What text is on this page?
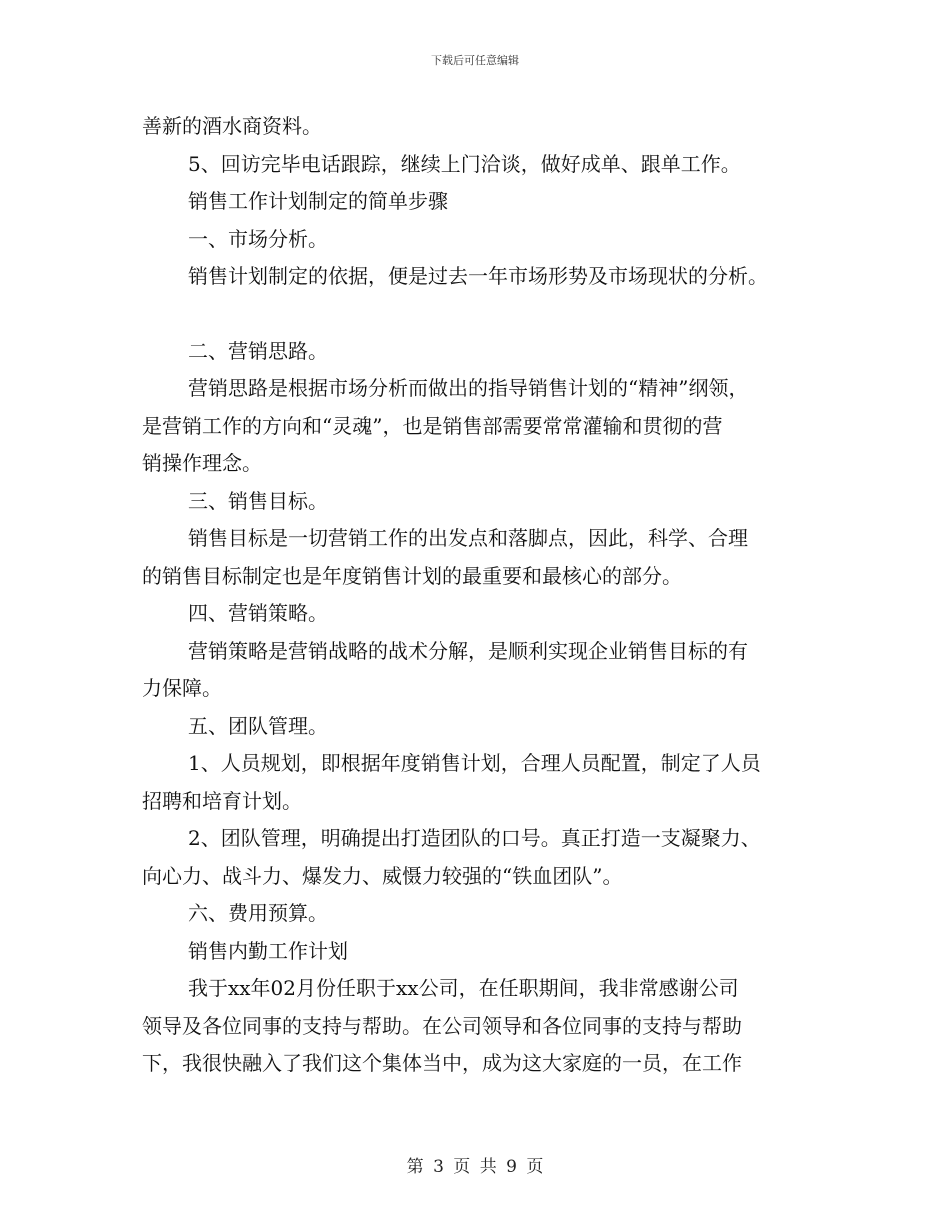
下载后可任意编辑

善新的酒水商资料。

5、回访完毕电话跟踪，继续上门洽谈，做好成单、跟单工作。

销售工作计划制定的简单步骤

一、市场分析。

销售计划制定的依据，便是过去一年市场形势及市场现状的分析。

二、营销思路。

营销思路是根据市场分析而做出的指导销售计划的“精神”纲领，

是营销工作的方向和“灵魂”，也是销售部需要常常灌输和贯彻的营

销操作理念。

三、销售目标。

销售目标是一切营销工作的出发点和落脚点，因此，科学、合理

的销售目标制定也是年度销售计划的最重要和最核心的部分。

四、营销策略。

营销策略是营销战略的战术分解，是顺利实现企业销售目标的有

力保障。

五、团队管理。

1、人员规划，即根据年度销售计划，合理人员配置，制定了人员

招聘和培育计划。

2、团队管理，明确提出打造团队的口号。真正打造一支凝聚力、

向心力、战斗力、爆发力、威慑力较强的“铁血团队”。

六、费用预算。

销售内勤工作计划

我于xx年02月份任职于xx公司，在任职期间，我非常感谢公司

领导及各位同事的支持与帮助。在公司领导和各位同事的支持与帮助

下，我很快融入了我们这个集体当中，成为这大家庭的一员，在工作

第 3 页 共 9 页
